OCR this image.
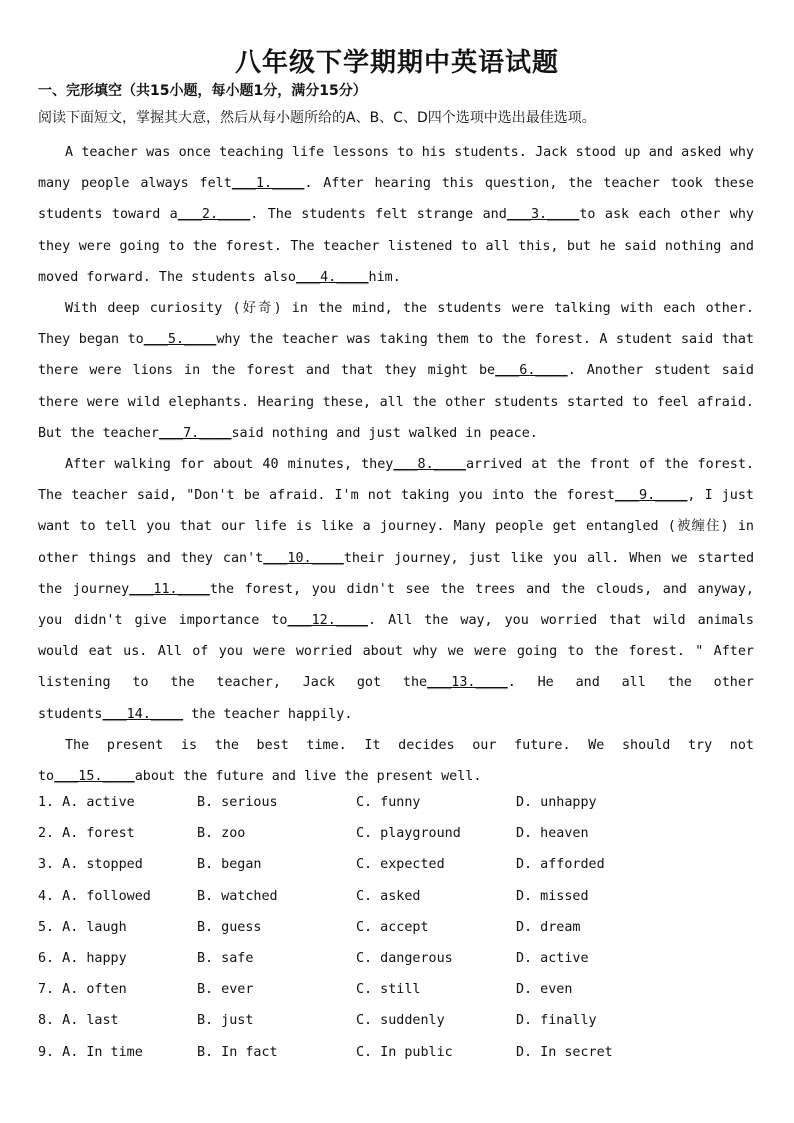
八年级下学期期中英语试题
一、完形填空（共15小题，每小题1分，满分15分）
阅读下面短文，掌握其大意，然后从每小题所给的A、B、C、D四个选项中选出最佳选项。

A teacher was once teaching life lessons to his students. Jack stood up and asked why many people always felt___1.____. After hearing this question, the teacher took these students toward a___2.____. The students felt strange and___3.____to ask each other why they were going to the forest. The teacher listened to all this, but he said nothing and moved forward. The students also___4.____him.

With deep curiosity (好奇) in the mind, the students were talking with each other. They began to___5.____why the teacher was taking them to the forest. A student said that there were lions in the forest and that they might be___6.____. Another student said there were wild elephants. Hearing these, all the other students started to feel afraid. But the teacher___7.____said nothing and just walked in peace.

After walking for about 40 minutes, they___8.____arrived at the front of the forest. The teacher said, "Don't be afraid. I'm not taking you into the forest___9.____, I just want to tell you that our life is like a journey. Many people get entangled (被缠住) in other things and they can't___10.____their journey, just like you all. When we started the journey___11.____the forest, you didn't see the trees and the clouds, and anyway, you didn't give importance to___12.____. All the way, you worried that wild animals would eat us. All of you were worried about why we were going to the forest. " After listening to the teacher, Jack got the___13.____. He and all the other students___14.____ the teacher happily.

The present is the best time. It decides our future. We should try not to___15.____about the future and live the present well.

1. A. active	B. serious	C. funny	D. unhappy
2. A. forest	B. zoo	C. playground	D. heaven
3. A. stopped	B. began	C. expected	D. afforded
4. A. followed	B. watched	C. asked	D. missed
5. A. laugh	B. guess	C. accept	D. dream
6. A. happy	B. safe	C. dangerous	D. active
7. A. often	B. ever	C. still	D. even
8. A. last	B. just	C. suddenly	D. finally
9. A. In time	B. In fact	C. In public	D. In secret
